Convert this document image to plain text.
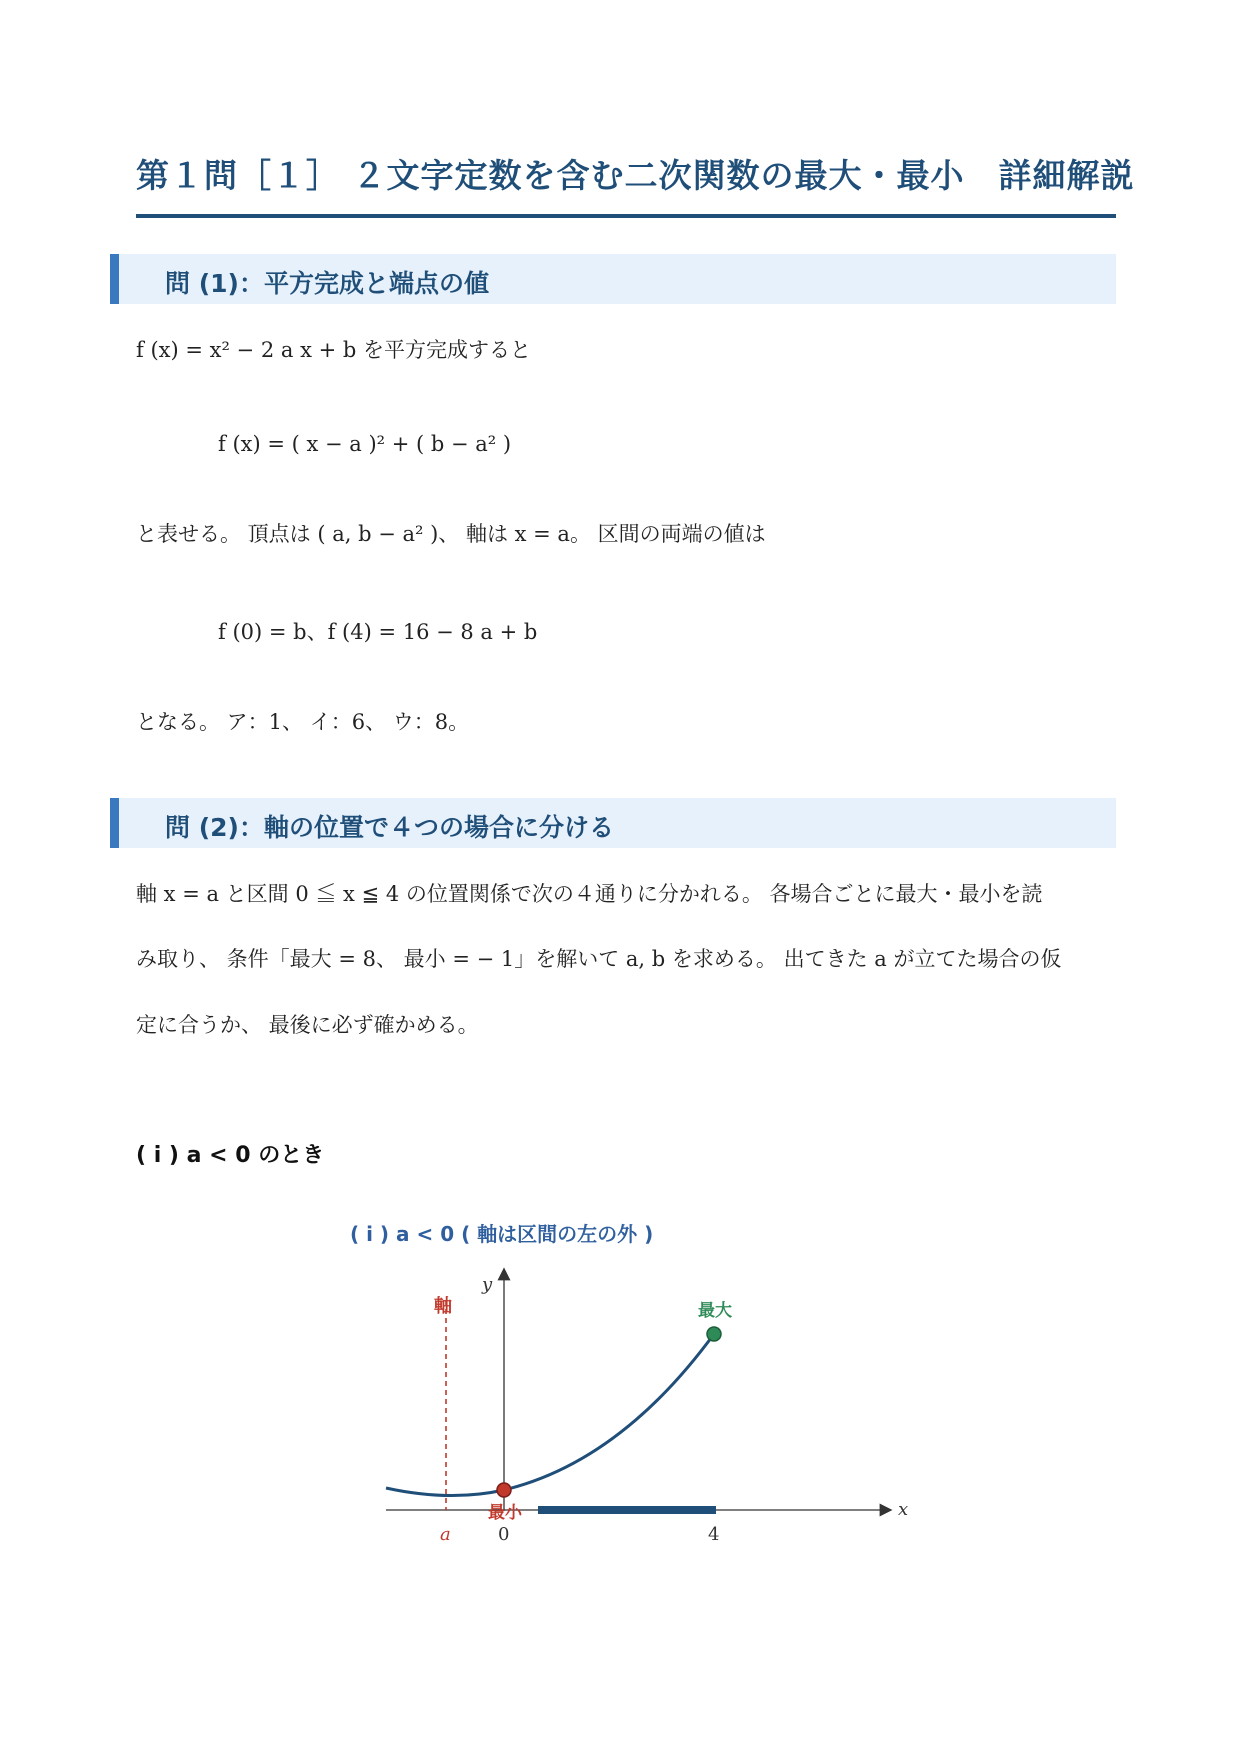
第１問［１］ ２文字定数を含む二次関数の最大・最小　詳細解説
問 (1)：平方完成と端点の値
f (x) = x² − 2 a x + b を平方完成すると
f (x) = ( x − a )² + ( b − a² )
と表せる。 頂点は ( a, b − a² )、 軸は x = a。 区間の両端の値は
f (0) = b、f (4) = 16 − 8 a + b
となる。 ア：1、 イ：6、 ウ：8。
問 (2)：軸の位置で４つの場合に分ける
軸 x = a と区間 0 ≦ x ≦ 4 の位置関係で次の４通りに分かれる。 各場合ごとに最大・最小を読
み取り、 条件「最大 = 8、 最小 = − 1」を解いて a, b を求める。 出てきた a が立てた場合の仮
定に合うか、 最後に必ず確かめる。
( i ) a < 0 のとき
( i ) a < 0 ( 軸は区間の左の外 )
軸
y
x
最大
最小
a	0	4
